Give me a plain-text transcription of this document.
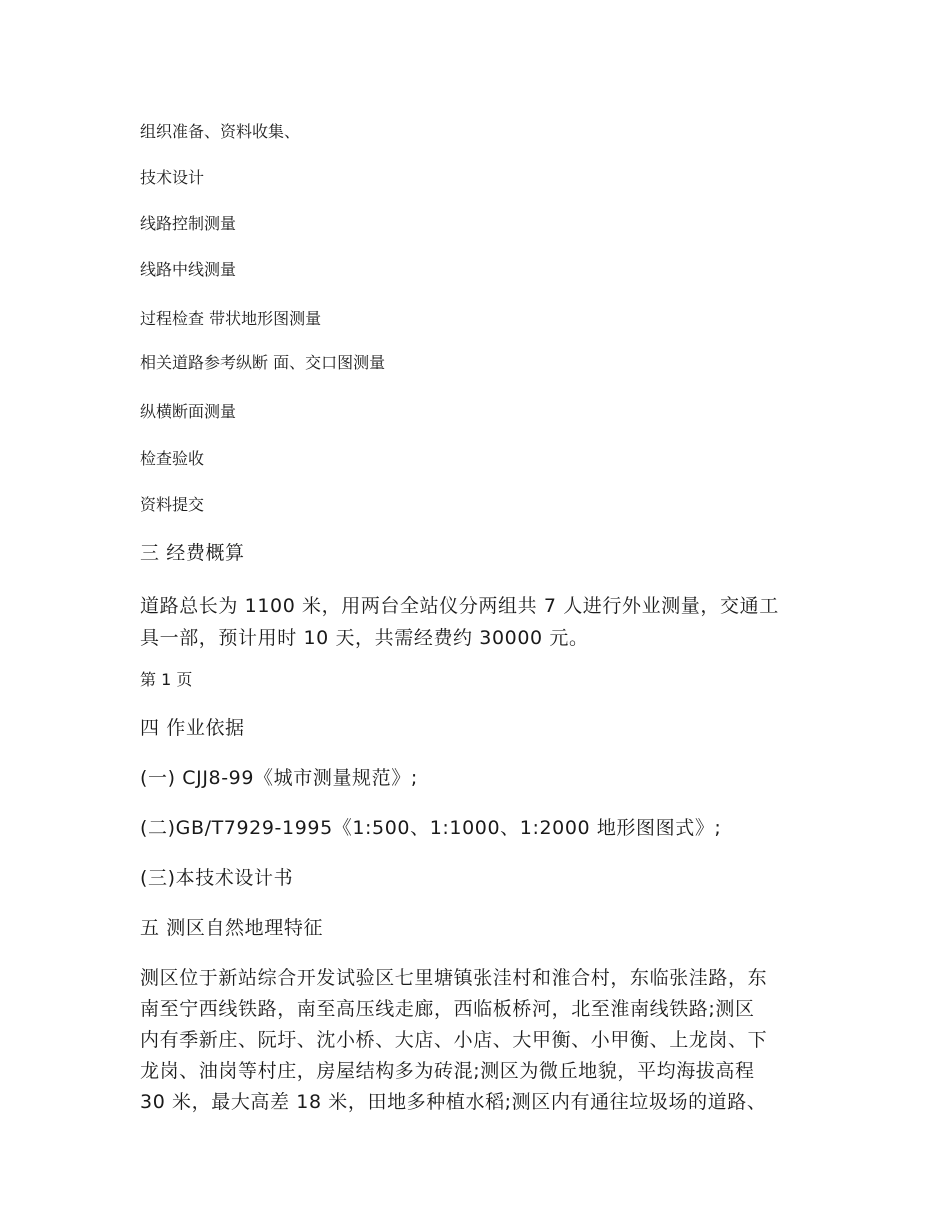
组织准备、资料收集、

技术设计

线路控制测量

线路中线测量

过程检查 带状地形图测量

相关道路参考纵断 面、交口图测量

纵横断面测量

检查验收

资料提交

三 经费概算

道路总长为 1100 米，用两台全站仪分两组共 7 人进行外业测量，交通工
具一部，预计用时 10 天，共需经费约 30000 元。

第 1 页

四 作业依据

(一) CJJ8-99《城市测量规范》;

(二)GB/T7929-1995《1:500、1:1000、1:2000 地形图图式》;

(三)本技术设计书

五 测区自然地理特征

测区位于新站综合开发试验区七里塘镇张洼村和淮合村，东临张洼路，东
南至宁西线铁路，南至高压线走廊，西临板桥河，北至淮南线铁路;测区
内有季新庄、阮圩、沈小桥、大店、小店、大甲衡、小甲衡、上龙岗、下
龙岗、油岗等村庄，房屋结构多为砖混;测区为微丘地貌，平均海拔高程
30 米，最大高差 18 米，田地多种植水稻;测区内有通往垃圾场的道路、
